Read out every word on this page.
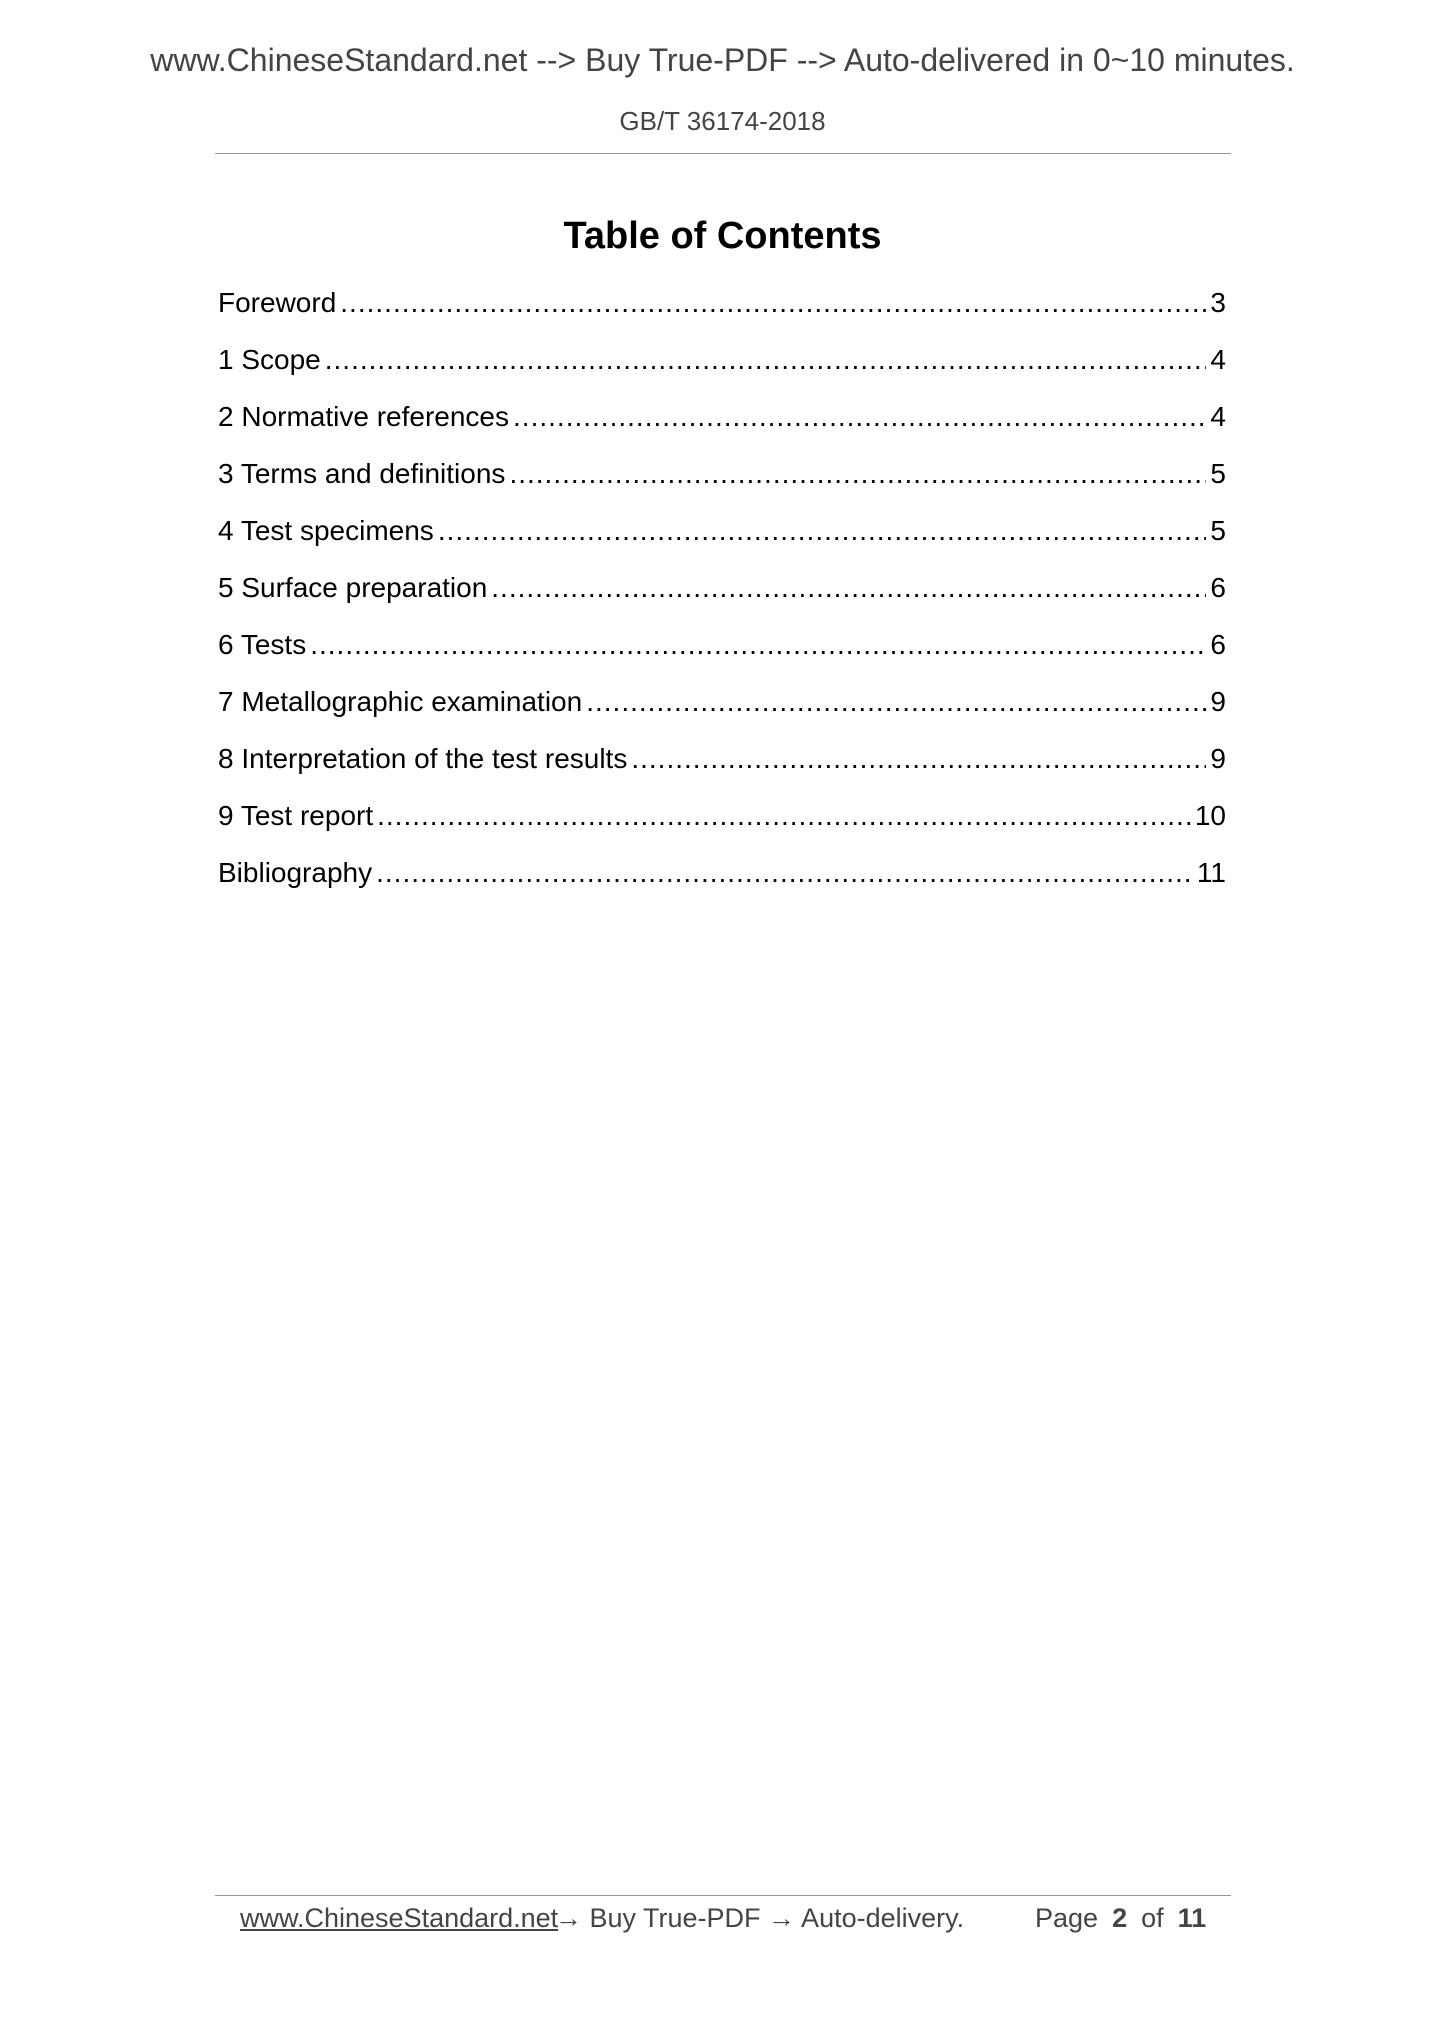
www.ChineseStandard.net --> Buy True-PDF --> Auto-delivered in 0~10 minutes.
GB/T 36174-2018
Table of Contents
Foreword .....	3
1 Scope .....	4
2 Normative references .....	4
3 Terms and definitions .....	5
4 Test specimens .....	5
5 Surface preparation .....	6
6 Tests .....	6
7 Metallographic examination .....	9
8 Interpretation of the test results .....	9
9 Test report .....	10
Bibliography .....	11
www.ChineseStandard.net
→ Buy True-PDF → Auto-delivery.	Page 2 of 11
